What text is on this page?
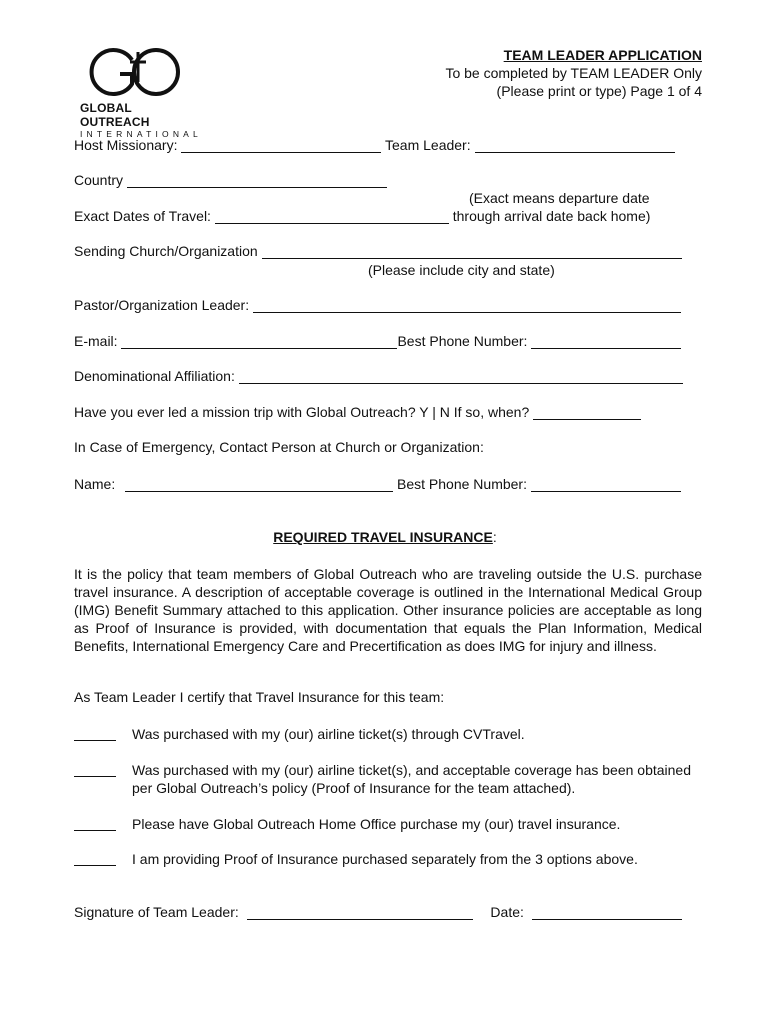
GLOBAL OUTREACH
INTERNATIONAL
TEAM LEADER APPLICATION
To be completed by TEAM LEADER Only
(Please print or type) Page 1 of 4
Host Missionary:	Team Leader:
Country
(Exact means departure date
Exact Dates of Travel:	through arrival date back home)
Sending Church/Organization
(Please include city and state)
Pastor/Organization Leader:
E-mail:	Best Phone Number:
Denominational Affiliation:
Have you ever led a mission trip with Global Outreach? Y | N If so, when?
In Case of Emergency, Contact Person at Church or Organization:
Name:	Best Phone Number:
REQUIRED TRAVEL INSURANCE:
It is the policy that team members of Global Outreach who are traveling outside the U.S. purchase travel insurance. A description of acceptable coverage is outlined in the International Medical Group (IMG) Benefit Summary attached to this application. Other insurance policies are acceptable as long as Proof of Insurance is provided, with documentation that equals the Plan Information, Medical Benefits, International Emergency Care and Precertification as does IMG for injury and illness.
As Team Leader I certify that Travel Insurance for this team:
Was purchased with my (our) airline ticket(s) through CVTravel.
Was purchased with my (our) airline ticket(s), and acceptable coverage has been obtained per Global Outreach’s policy (Proof of Insurance for the team attached).
Please have Global Outreach Home Office purchase my (our) travel insurance.
I am providing Proof of Insurance purchased separately from the 3 options above.
Signature of Team Leader:	Date:
